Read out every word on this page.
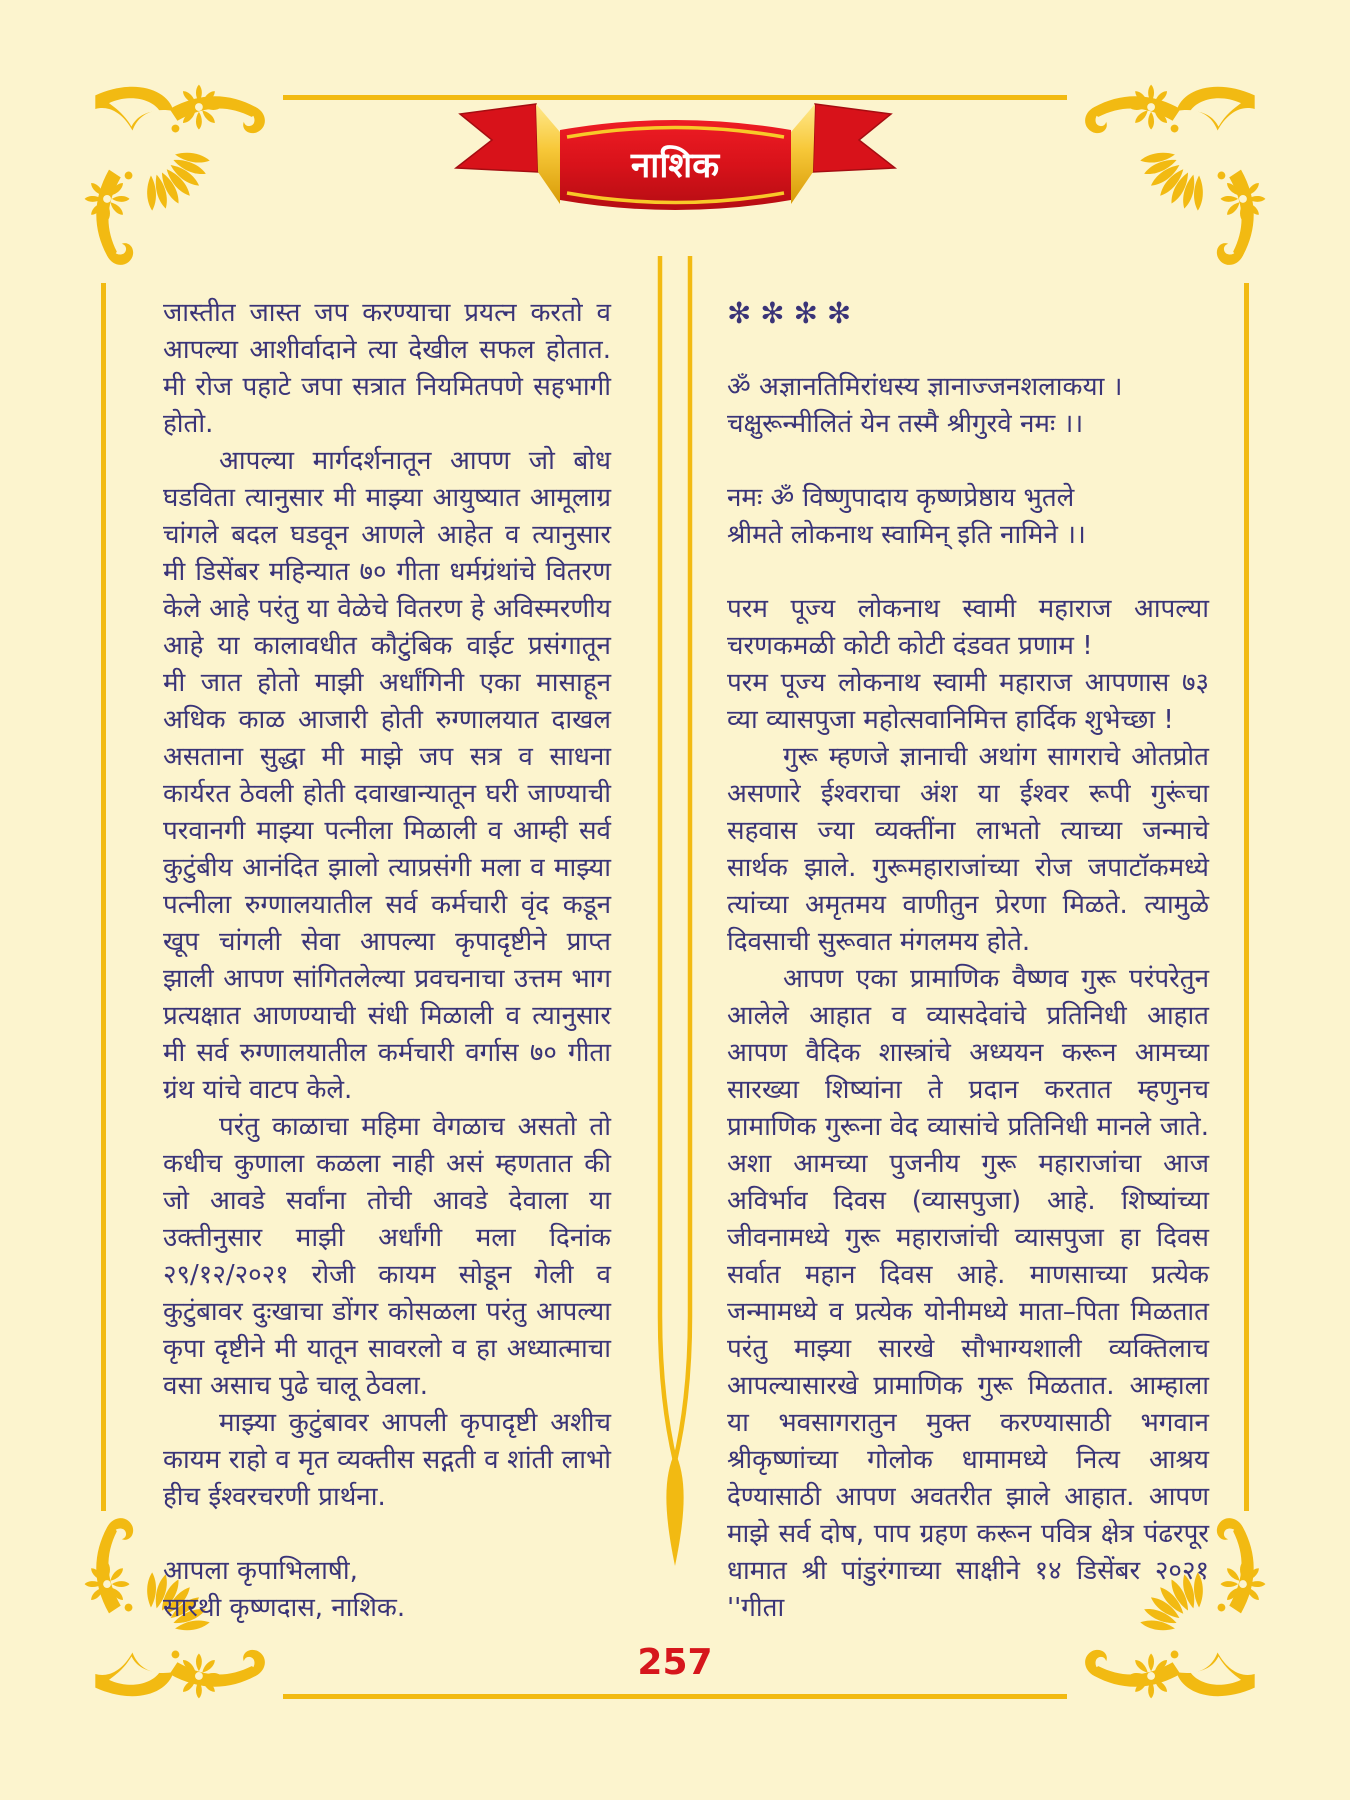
नाशिक

जास्तीत जास्त जप करण्याचा प्रयत्न करतो व आपल्या आशीर्वादाने त्या देखील सफल होतात. मी रोज पहाटे जपा सत्रात नियमितपणे सहभागी होतो.

आपल्या मार्गदर्शनातून आपण जो बोध घडविता त्यानुसार मी माझ्या आयुष्यात आमूलाग्र चांगले बदल घडवून आणले आहेत व त्यानुसार मी डिसेंबर महिन्यात ७० गीता धर्मग्रंथांचे वितरण केले आहे परंतु या वेळेचे वितरण हे अविस्मरणीय आहे या कालावधीत कौटुंबिक वाईट प्रसंगातून मी जात होतो माझी अर्धांगिनी एका मासाहून अधिक काळ आजारी होती रुग्णालयात दाखल असताना सुद्धा मी माझे जप सत्र व साधना कार्यरत ठेवली होती दवाखान्यातून घरी जाण्याची परवानगी माझ्या पत्नीला मिळाली व आम्ही सर्व कुटुंबीय आनंदित झालो त्याप्रसंगी मला व माझ्या पत्नीला रुग्णालयातील सर्व कर्मचारी वृंद कडून खूप चांगली सेवा आपल्या कृपादृष्टीने प्राप्त झाली आपण सांगितलेल्या प्रवचनाचा उत्तम भाग प्रत्यक्षात आणण्याची संधी मिळाली व त्यानुसार मी सर्व रुग्णालयातील कर्मचारी वर्गास ७० गीता ग्रंथ यांचे वाटप केले.

परंतु काळाचा महिमा वेगळाच असतो तो कधीच कुणाला कळला नाही असं म्हणतात की जो आवडे सर्वांना तोची आवडे देवाला या उक्तीनुसार माझी अर्धांगी मला दिनांक २९/१२/२०२१ रोजी कायम सोडून गेली व कुटुंबावर दुःखाचा डोंगर कोसळला परंतु आपल्या कृपा दृष्टीने मी यातून सावरलो व हा अध्यात्माचा वसा असाच पुढे चालू ठेवला.

माझ्या कुटुंबावर आपली कृपादृष्टी अशीच कायम राहो व मृत व्यक्तीस सद्गती व शांती लाभो हीच ईश्वरचरणी प्रार्थना.

आपला कृपाभिलाषी,
सारथी कृष्णदास, नाशिक.
✻✻✻✻
ॐ अज्ञानतिमिरांधस्य ज्ञानाज्जनशलाकया ।
चक्षुरून्मीलितं येन तस्मै श्रीगुरवे नमः ।।
नमः ॐ विष्णुपादाय कृष्णप्रेष्ठाय भुतले
श्रीमते लोकनाथ स्वामिन् इति नामिने ।।

परम पूज्य लोकनाथ स्वामी महाराज आपल्या चरणकमळी कोटी कोटी दंडवत प्रणाम !

परम पूज्य लोकनाथ स्वामी महाराज आपणास ७३ व्या व्यासपुजा महोत्सवानिमित्त हार्दिक शुभेच्छा !

गुरू म्हणजे ज्ञानाची अथांग सागराचे ओतप्रोत असणारे ईश्वराचा अंश या ईश्वर रूपी गुरूंचा सहवास ज्या व्यक्तींना लाभतो त्याच्या जन्माचे सार्थक झाले. गुरूमहाराजांच्या रोज जपाटॉकमध्ये त्यांच्या अमृतमय वाणीतुन प्रेरणा मिळते. त्यामुळे दिवसाची सुरूवात मंगलमय होते.

आपण एका प्रामाणिक वैष्णव गुरू परंपरेतुन आलेले आहात व व्यासदेवांचे प्रतिनिधी आहात आपण वैदिक शास्त्रांचे अध्ययन करून आमच्या सारख्या शिष्यांना ते प्रदान करतात म्हणुनच प्रामाणिक गुरूना वेद व्यासांचे प्रतिनिधी मानले जाते. अशा आमच्या पुजनीय गुरू महाराजांचा आज अविर्भाव दिवस (व्यासपुजा) आहे. शिष्यांच्या जीवनामध्ये गुरू महाराजांची व्यासपुजा हा दिवस सर्वात महान दिवस आहे. माणसाच्या प्रत्येक जन्मामध्ये व प्रत्येक योनीमध्ये माता–पिता मिळतात परंतु माझ्या सारखे सौभाग्यशाली व्यक्तिलाच आपल्यासारखे प्रामाणिक गुरू मिळतात. आम्हाला या भवसागरातुन मुक्त करण्यासाठी भगवान श्रीकृष्णांच्या गोलोक धामामध्ये नित्य आश्रय देण्यासाठी आपण अवतरीत झाले आहात. आपण माझे सर्व दोष, पाप ग्रहण करून पवित्र क्षेत्र पंढरपूर धामात श्री पांडुरंगाच्या साक्षीने १४ डिसेंबर २०२१ ''गीता

257
